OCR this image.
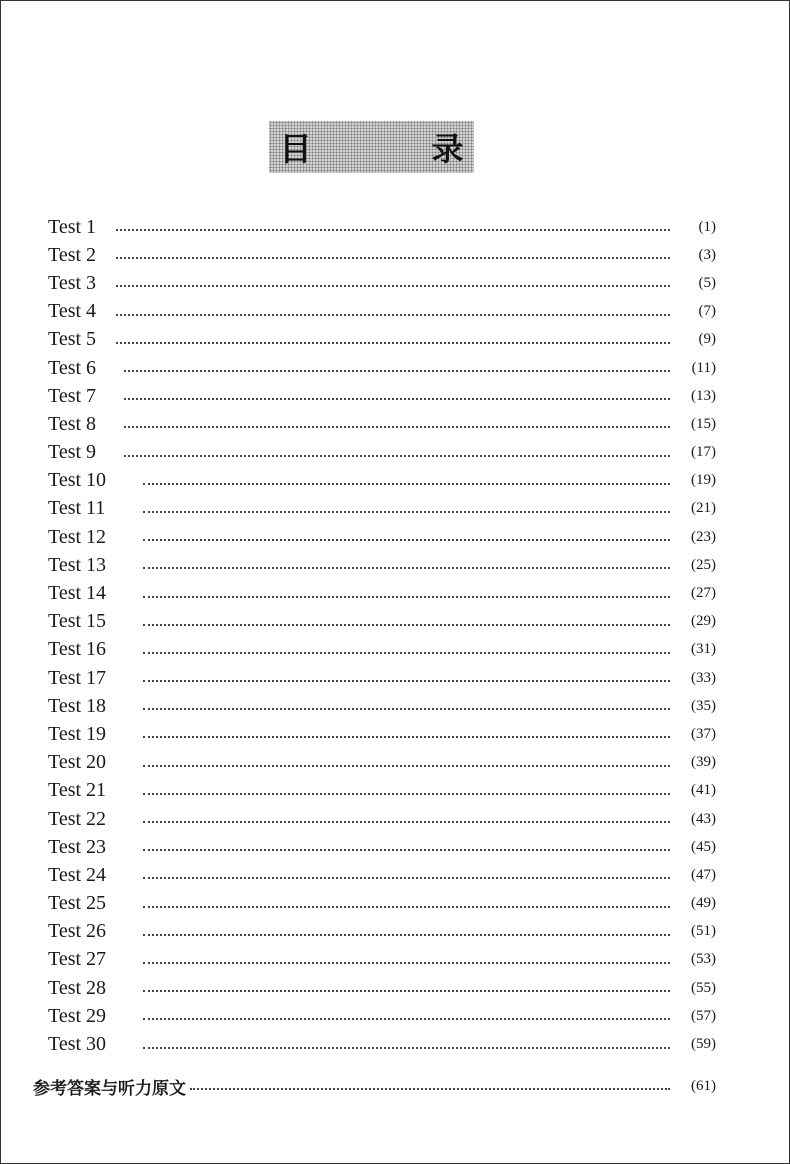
目　录
Test 1	(1)
Test 2	(3)
Test 3	(5)
Test 4	(7)
Test 5	(9)
Test 6	(11)
Test 7	(13)
Test 8	(15)
Test 9	(17)
Test 10	(19)
Test 11	(21)
Test 12	(23)
Test 13	(25)
Test 14	(27)
Test 15	(29)
Test 16	(31)
Test 17	(33)
Test 18	(35)
Test 19	(37)
Test 20	(39)
Test 21	(41)
Test 22	(43)
Test 23	(45)
Test 24	(47)
Test 25	(49)
Test 26	(51)
Test 27	(53)
Test 28	(55)
Test 29	(57)
Test 30	(59)
参考答案与听力原文	(61)
